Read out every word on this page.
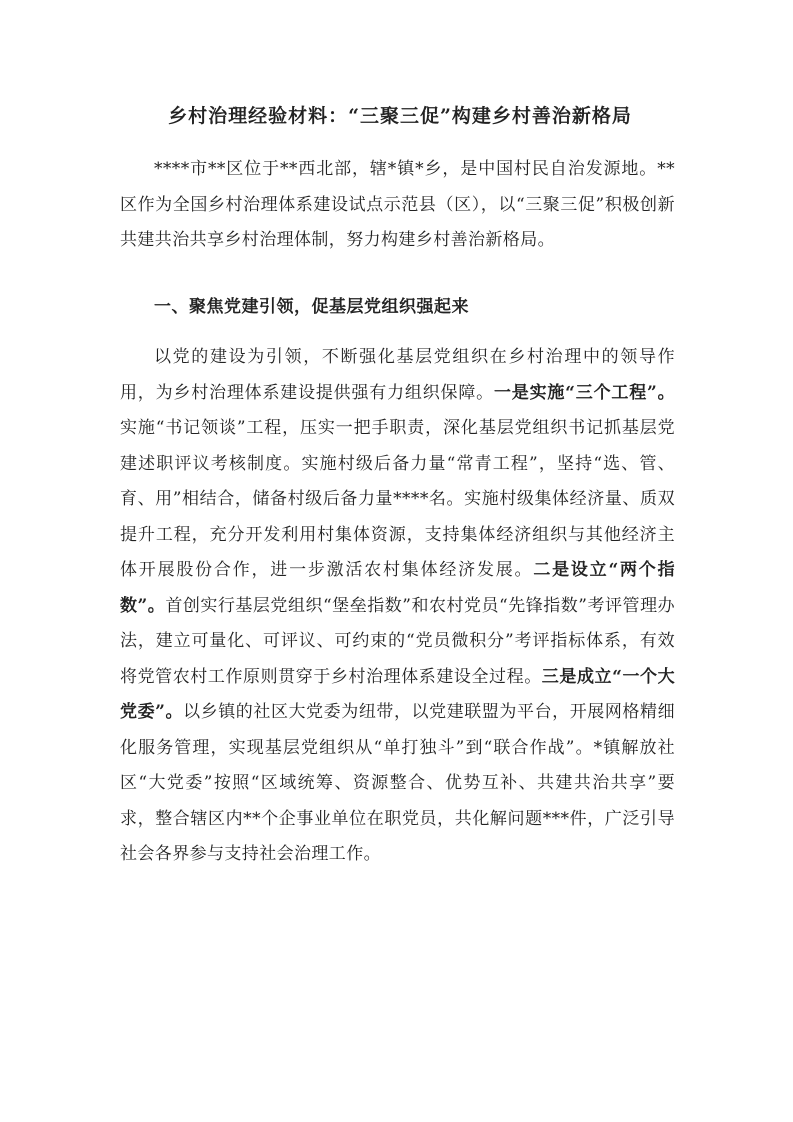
乡村治理经验材料：“三聚三促”构建乡村善治新格局

****市**区位于**西北部，辖*镇*乡，是中国村民自治发源地。**区作为全国乡村治理体系建设试点示范县（区），以“三聚三促”积极创新共建共治共享乡村治理体制，努力构建乡村善治新格局。

一、聚焦党建引领，促基层党组织强起来

以党的建设为引领，不断强化基层党组织在乡村治理中的领导作用，为乡村治理体系建设提供强有力组织保障。一是实施“三个工程”。实施“书记领谈”工程，压实一把手职责，深化基层党组织书记抓基层党建述职评议考核制度。实施村级后备力量“常青工程”，坚持“选、管、育、用”相结合，储备村级后备力量****名。实施村级集体经济量、质双提升工程，充分开发利用村集体资源，支持集体经济组织与其他经济主体开展股份合作，进一步激活农村集体经济发展。二是设立“两个指数”。首创实行基层党组织“堡垒指数”和农村党员“先锋指数”考评管理办法，建立可量化、可评议、可约束的“党员微积分”考评指标体系，有效将党管农村工作原则贯穿于乡村治理体系建设全过程。三是成立“一个大党委”。以乡镇的社区大党委为纽带，以党建联盟为平台，开展网格精细化服务管理，实现基层党组织从“单打独斗”到“联合作战”。*镇解放社区“大党委”按照“区域统筹、资源整合、优势互补、共建共治共享”要求，整合辖区内**个企事业单位在职党员，共化解问题***件，广泛引导社会各界参与支持社会治理工作。
